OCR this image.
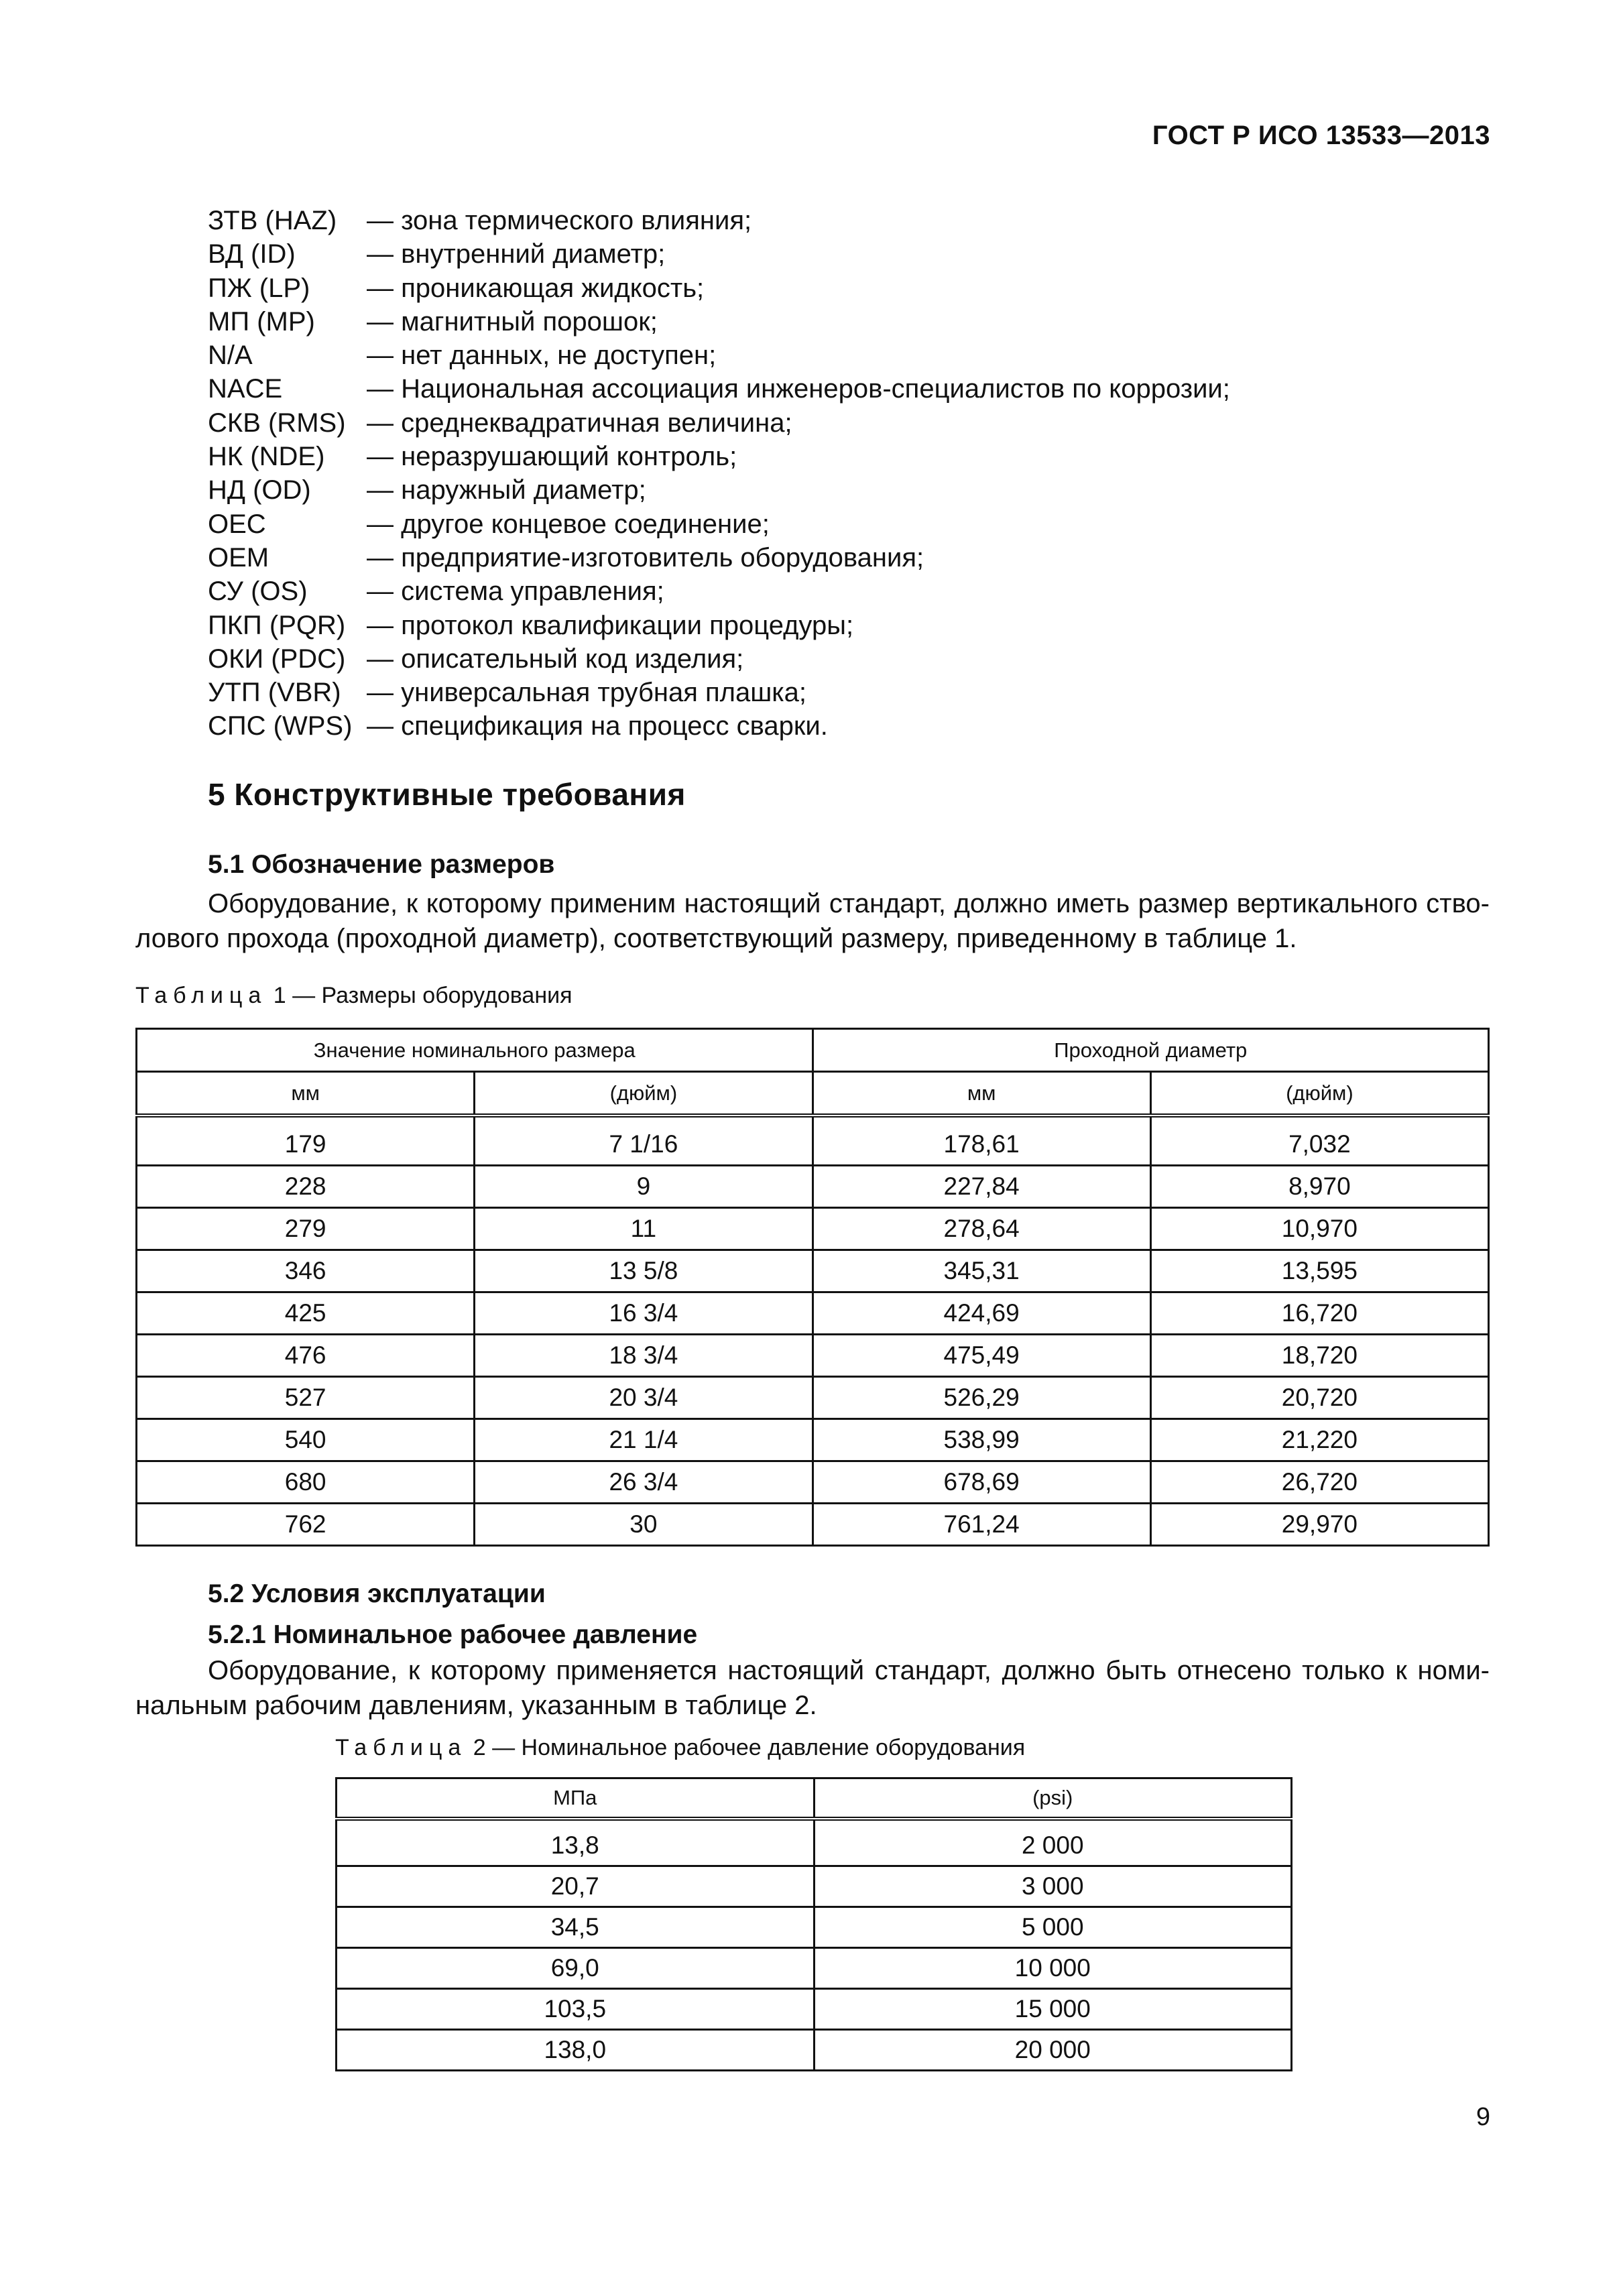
ГОСТ Р ИСО 13533—2013
ЗТВ (HAZ)	— зона термического влияния;
ВД (ID)	— внутренний диаметр;
ПЖ (LP)	— проникающая жидкость;
МП (MP)	— магнитный порошок;
N/A	— нет данных, не доступен;
NACE	— Национальная ассоциация инженеров-специалистов по коррозии;
СКВ (RMS) — среднеквадратичная величина;
НК (NDE)	— неразрушающий контроль;
НД (OD)	— наружный диаметр;
OEC	— другое концевое соединение;
OEM	— предприятие-изготовитель оборудования;
СУ (OS)	— система управления;
ПКП (PQR) — протокол квалификации процедуры;
ОКИ (PDC) — описательный код изделия;
УТП (VBR) — универсальная трубная плашка;
СПС (WPS) — спецификация на процесс сварки.
5 Конструктивные требования
5.1 Обозначение размеров
Оборудование, к которому применим настоящий стандарт, должно иметь размер вертикального ство-лового прохода (проходной диаметр), соответствующий размеру, приведенному в таблице 1.
Таблица 1 — Размеры оборудования
Значение номинального размера		Проходной диаметр	
мм	(дюйм)	мм	(дюйм)
179	7 1/16	178,61	7,032
228	9	227,84	8,970
279	11	278,64	10,970
346	13 5/8	345,31	13,595
425	16 3/4	424,69	16,720
476	18 3/4	475,49	18,720
527	20 3/4	526,29	20,720
540	21 1/4	538,99	21,220
680	26 3/4	678,69	26,720
762	30	761,24	29,970
5.2 Условия эксплуатации
5.2.1 Номинальное рабочее давление
Оборудование, к которому применяется настоящий стандарт, должно быть отнесено только к номи-нальным рабочим давлениям, указанным в таблице 2.
Таблица 2 — Номинальное рабочее давление оборудования
МПа	(psi)
13,8	2 000
20,7	3 000
34,5	5 000
69,0	10 000
103,5	15 000
138,0	20 000
9
